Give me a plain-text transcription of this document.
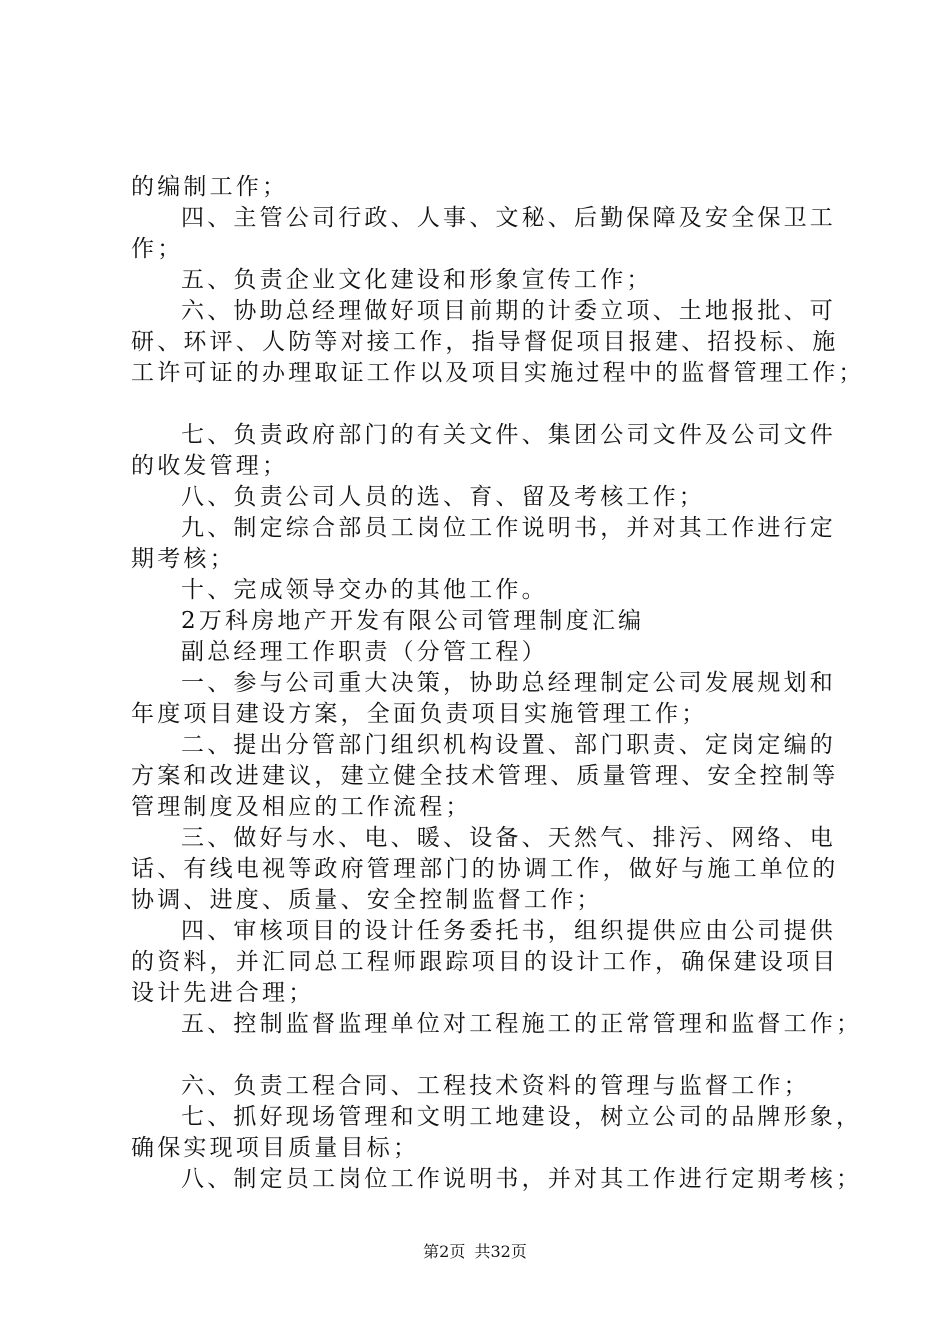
的编制工作；
四、主管公司行政、人事、文秘、后勤保障及安全保卫工
作；
五、负责企业文化建设和形象宣传工作；
六、协助总经理做好项目前期的计委立项、土地报批、可
研、环评、人防等对接工作，指导督促项目报建、招投标、施
工许可证的办理取证工作以及项目实施过程中的监督管理工作；
七、负责政府部门的有关文件、集团公司文件及公司文件
的收发管理；
八、负责公司人员的选、育、留及考核工作；
九、制定综合部员工岗位工作说明书，并对其工作进行定
期考核；
十、完成领导交办的其他工作。
2万科房地产开发有限公司管理制度汇编
副总经理工作职责（分管工程）
一、参与公司重大决策，协助总经理制定公司发展规划和
年度项目建设方案，全面负责项目实施管理工作；
二、提出分管部门组织机构设置、部门职责、定岗定编的
方案和改进建议，建立健全技术管理、质量管理、安全控制等
管理制度及相应的工作流程；
三、做好与水、电、暖、设备、天然气、排污、网络、电
话、有线电视等政府管理部门的协调工作，做好与施工单位的
协调、进度、质量、安全控制监督工作；
四、审核项目的设计任务委托书，组织提供应由公司提供
的资料，并汇同总工程师跟踪项目的设计工作，确保建设项目
设计先进合理；
五、控制监督监理单位对工程施工的正常管理和监督工作；
六、负责工程合同、工程技术资料的管理与监督工作；
七、抓好现场管理和文明工地建设，树立公司的品牌形象，
确保实现项目质量目标；
八、制定员工岗位工作说明书，并对其工作进行定期考核；
第2页 共32页
